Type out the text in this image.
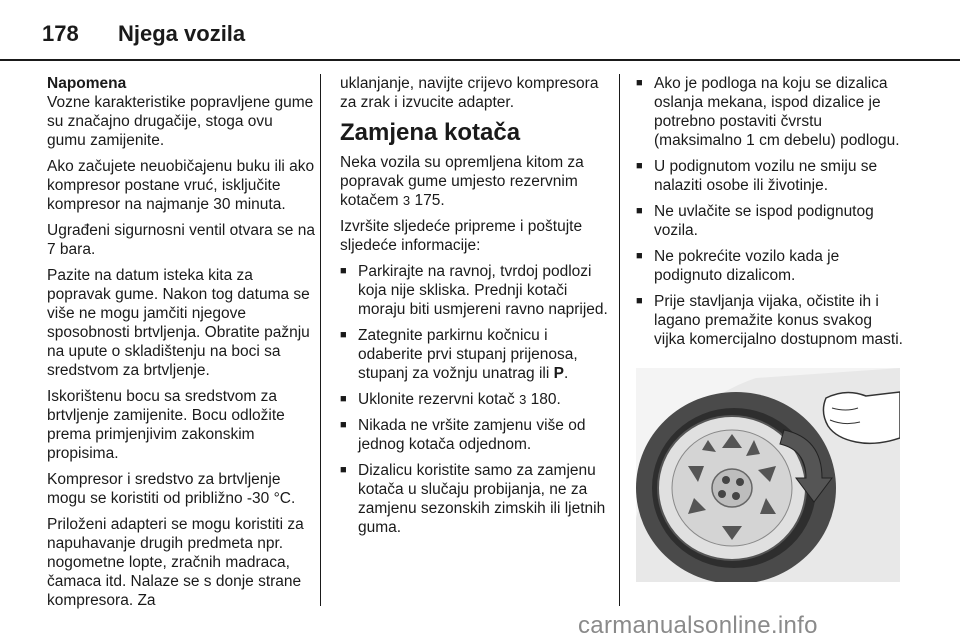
178	Njega vozila

Napomena
Vozne karakteristike popravljene gume su značajno drugačije, stoga ovu gumu zamijenite.

Ako začujete neuobičajenu buku ili ako kompresor postane vruć, isključite kompresor na najmanje 30 minuta.

Ugrađeni sigurnosni ventil otvara se na 7 bara.

Pazite na datum isteka kita za popravak gume. Nakon tog datuma se više ne mogu jamčiti njegove sposobnosti brtvljenja. Obratite pažnju na upute o skladištenju na boci sa sredstvom za brtvljenje.

Iskorištenu bocu sa sredstvom za brtvljenje zamijenite. Bocu odložite prema primjenjivim zakonskim propisima.

Kompresor i sredstvo za brtvljenje mogu se koristiti od približno -30 °C.

Priloženi adapteri se mogu koristiti za napuhavanje drugih predmeta npr. nogometne lopte, zračnih madraca, čamaca itd. Nalaze se s donje strane kompresora. Za

uklanjanje, navijte crijevo kompresora za zrak i izvucite adapter.

Zamjena kotača

Neka vozila su opremljena kitom za popravak gume umjesto rezervnim kotačem 3 175.

Izvršite sljedeće pripreme i poštujte sljedeće informacije:

■ Parkirajte na ravnoj, tvrdoj podlozi koja nije skliska. Prednji kotači moraju biti usmjereni ravno naprijed.
■ Zategnite parkirnu kočnicu i odaberite prvi stupanj prijenosa, stupanj za vožnju unatrag ili P.
■ Uklonite rezervni kotač 3 180.
■ Nikada ne vršite zamjenu više od jednog kotača odjednom.
■ Dizalicu koristite samo za zamjenu kotača u slučaju probijanja, ne za zamjenu sezonskih zimskih ili ljetnih guma.
■ Ako je podloga na koju se dizalica oslanja mekana, ispod dizalice je potrebno postaviti čvrstu (maksimalno 1 cm debelu) podlogu.
■ U podignutom vozilu ne smiju se nalaziti osobe ili životinje.
■ Ne uvlačite se ispod podignutog vozila.
■ Ne pokrećite vozilo kada je podignuto dizalicom.
■ Prije stavljanja vijaka, očistite ih i lagano premažite konus svakog vijka komercijalno dostupnom masti.
carmanualsonline.info
